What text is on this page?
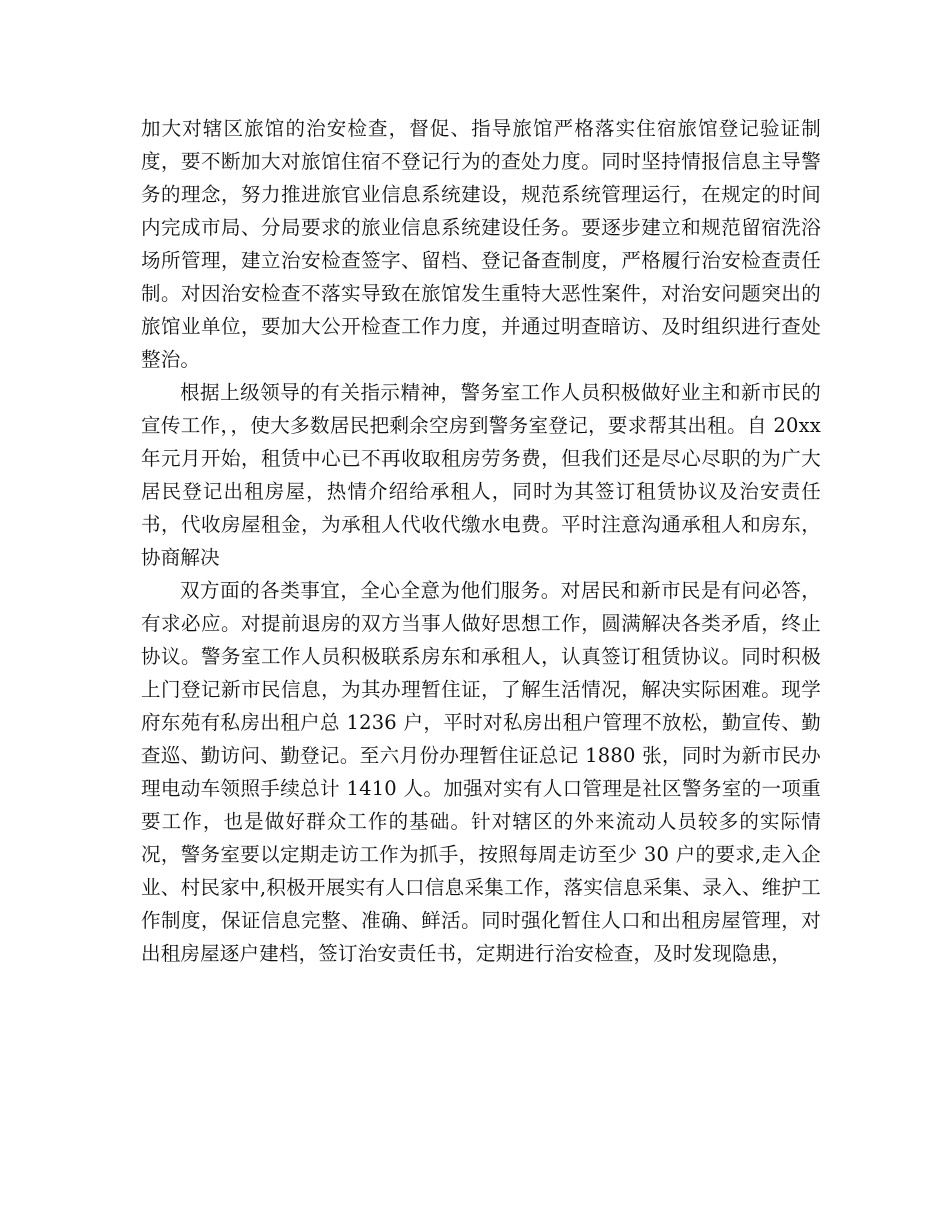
加大对辖区旅馆的治安检查，督促、指导旅馆严格落实住宿旅馆登记验证制度，要不断加大对旅馆住宿不登记行为的查处力度。同时坚持情报信息主导警务的理念，努力推进旅官业信息系统建设，规范系统管理运行，在规定的时间内完成市局、分局要求的旅业信息系统建设任务。要逐步建立和规范留宿洗浴场所管理，建立治安检查签字、留档、登记备查制度，严格履行治安检查责任制。对因治安检查不落实导致在旅馆发生重特大恶性案件，对治安问题突出的旅馆业单位，要加大公开检查工作力度，并通过明查暗访、及时组织进行查处整治。

根据上级领导的有关指示精神，警务室工作人员积极做好业主和新市民的宣传工作，，使大多数居民把剩余空房到警务室登记，要求帮其出租。自 20xx 年元月开始，租赁中心已不再收取租房劳务费，但我们还是尽心尽职的为广大居民登记出租房屋，热情介绍给承租人，同时为其签订租赁协议及治安责任书，代收房屋租金，为承租人代收代缴水电费。平时注意沟通承租人和房东，协商解决

双方面的各类事宜，全心全意为他们服务。对居民和新市民是有问必答，有求必应。对提前退房的双方当事人做好思想工作，圆满解决各类矛盾，终止协议。警务室工作人员积极联系房东和承租人，认真签订租赁协议。同时积极上门登记新市民信息，为其办理暂住证，了解生活情况，解决实际困难。现学府东苑有私房出租户总 1236 户，平时对私房出租户管理不放松，勤宣传、勤查巡、勤访问、勤登记。至六月份办理暂住证总记 1880 张，同时为新市民办理电动车领照手续总计 1410 人。加强对实有人口管理是社区警务室的一项重要工作，也是做好群众工作的基础。针对辖区的外来流动人员较多的实际情况，警务室要以定期走访工作为抓手，按照每周走访至少 30 户的要求,走入企业、村民家中,积极开展实有人口信息采集工作，落实信息采集、录入、维护工作制度，保证信息完整、准确、鲜活。同时强化暂住人口和出租房屋管理，对出租房屋逐户建档，签订治安责任书，定期进行治安检查，及时发现隐患，
